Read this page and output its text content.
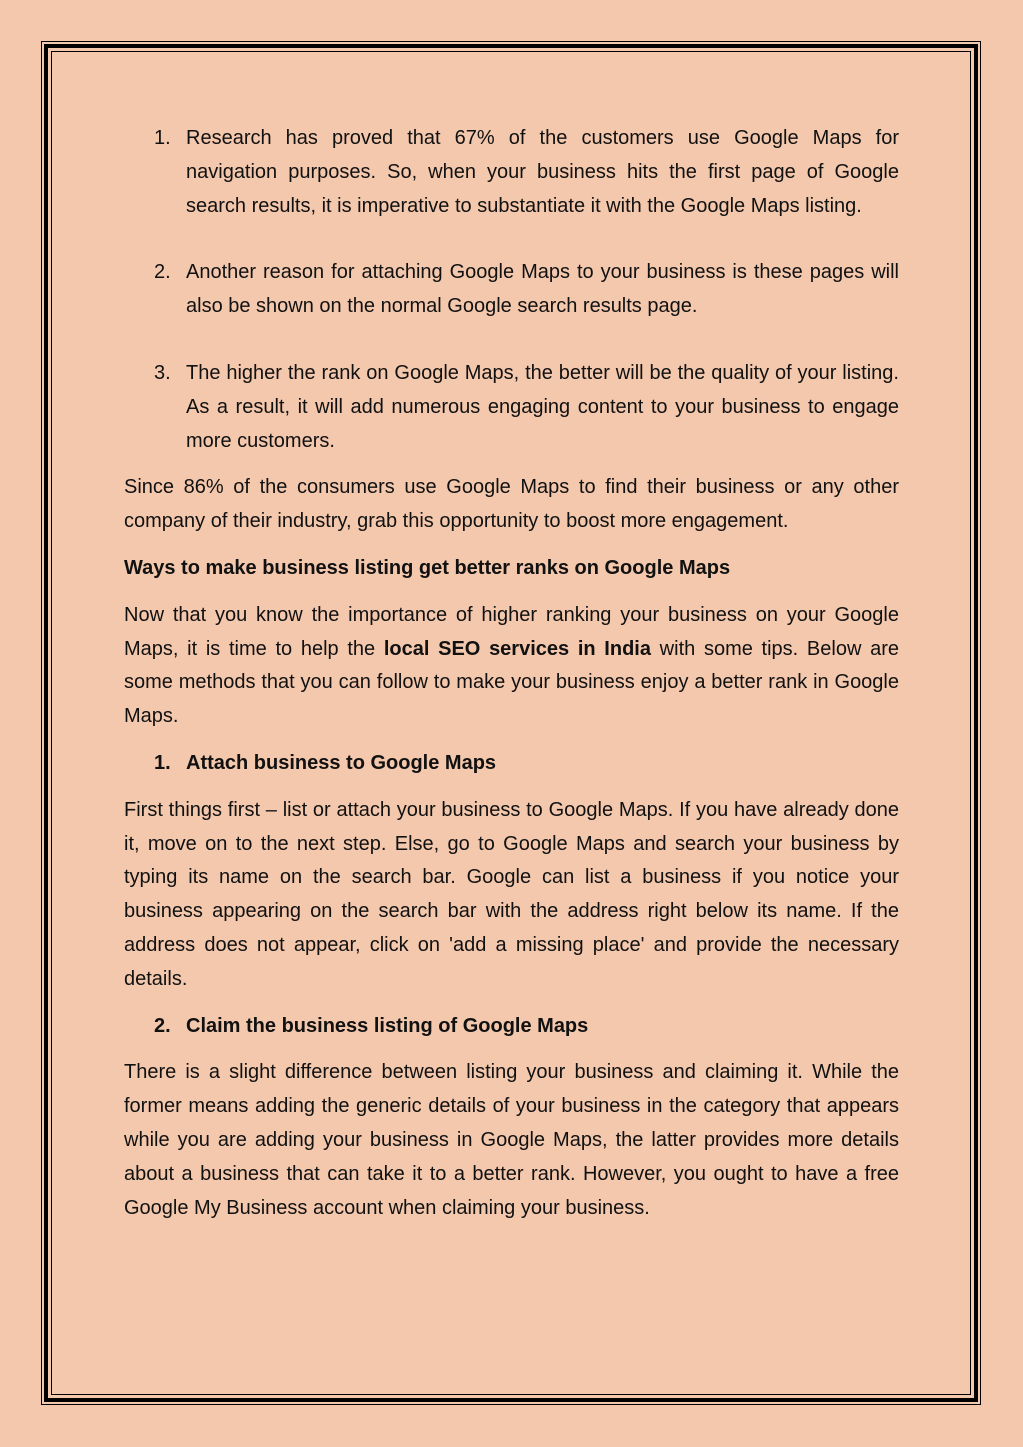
1. Research has proved that 67% of the customers use Google Maps for navigation purposes. So, when your business hits the first page of Google search results, it is imperative to substantiate it with the Google Maps listing.
2. Another reason for attaching Google Maps to your business is these pages will also be shown on the normal Google search results page.
3. The higher the rank on Google Maps, the better will be the quality of your listing. As a result, it will add numerous engaging content to your business to engage more customers.
Since 86% of the consumers use Google Maps to find their business or any other company of their industry, grab this opportunity to boost more engagement.
Ways to make business listing get better ranks on Google Maps
Now that you know the importance of higher ranking your business on your Google Maps, it is time to help the local SEO services in India with some tips. Below are some methods that you can follow to make your business enjoy a better rank in Google Maps.
1. Attach business to Google Maps
First things first – list or attach your business to Google Maps. If you have already done it, move on to the next step. Else, go to Google Maps and search your business by typing its name on the search bar. Google can list a business if you notice your business appearing on the search bar with the address right below its name. If the address does not appear, click on 'add a missing place' and provide the necessary details.
2. Claim the business listing of Google Maps
There is a slight difference between listing your business and claiming it. While the former means adding the generic details of your business in the category that appears while you are adding your business in Google Maps, the latter provides more details about a business that can take it to a better rank. However, you ought to have a free Google My Business account when claiming your business.
